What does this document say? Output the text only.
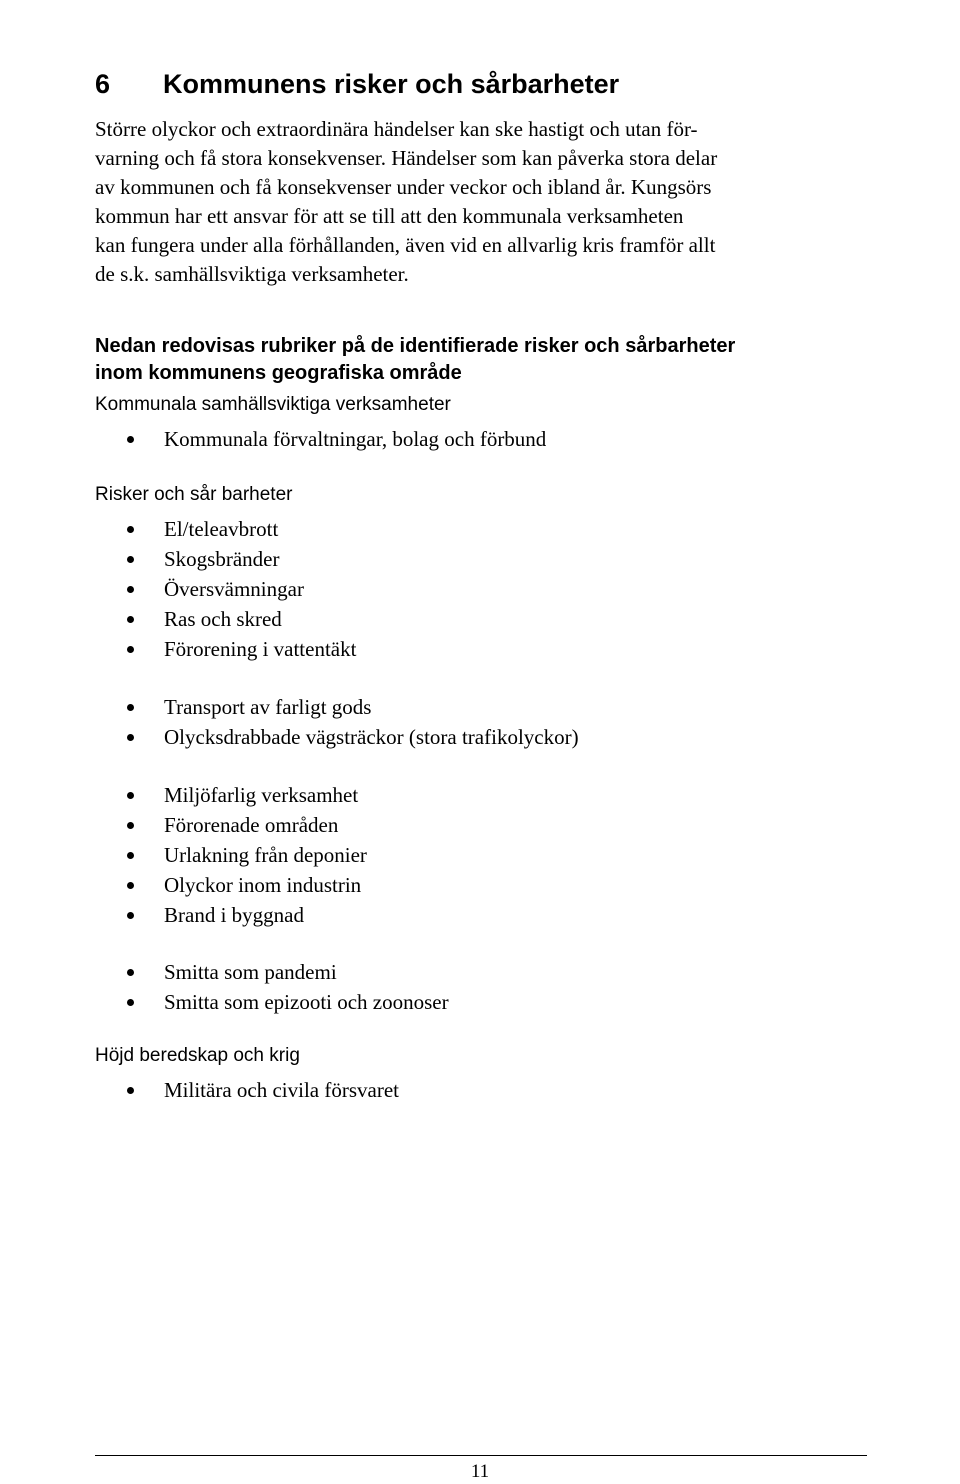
6 Kommunens risker och sårbarheter

Större olyckor och extraordinära händelser kan ske hastigt och utan för-
varning och få stora konsekvenser. Händelser som kan påverka stora delar
av kommunen och få konsekvenser under veckor och ibland år. Kungsörs
kommun har ett ansvar för att se till att den kommunala verksamheten
kan fungera under alla förhållanden, även vid en allvarlig kris framför allt
de s.k. samhällsviktiga verksamheter.

Nedan redovisas rubriker på de identifierade risker och sårbarheter
inom kommunens geografiska område

Kommunala samhällsviktiga verksamheter

Kommunala förvaltningar, bolag och förbund

Risker och sår barheter

El/teleavbrott
Skogsbränder
Översvämningar
Ras och skred
Förorening i vattentäkt
Transport av farligt gods
Olycksdrabbade vägsträckor (stora trafikolyckor)
Miljöfarlig verksamhet
Förorenade områden
Urlakning från deponier
Olyckor inom industrin
Brand i byggnad
Smitta som pandemi
Smitta som epizooti och zoonoser

Höjd beredskap och krig

Militära och civila försvaret
11
